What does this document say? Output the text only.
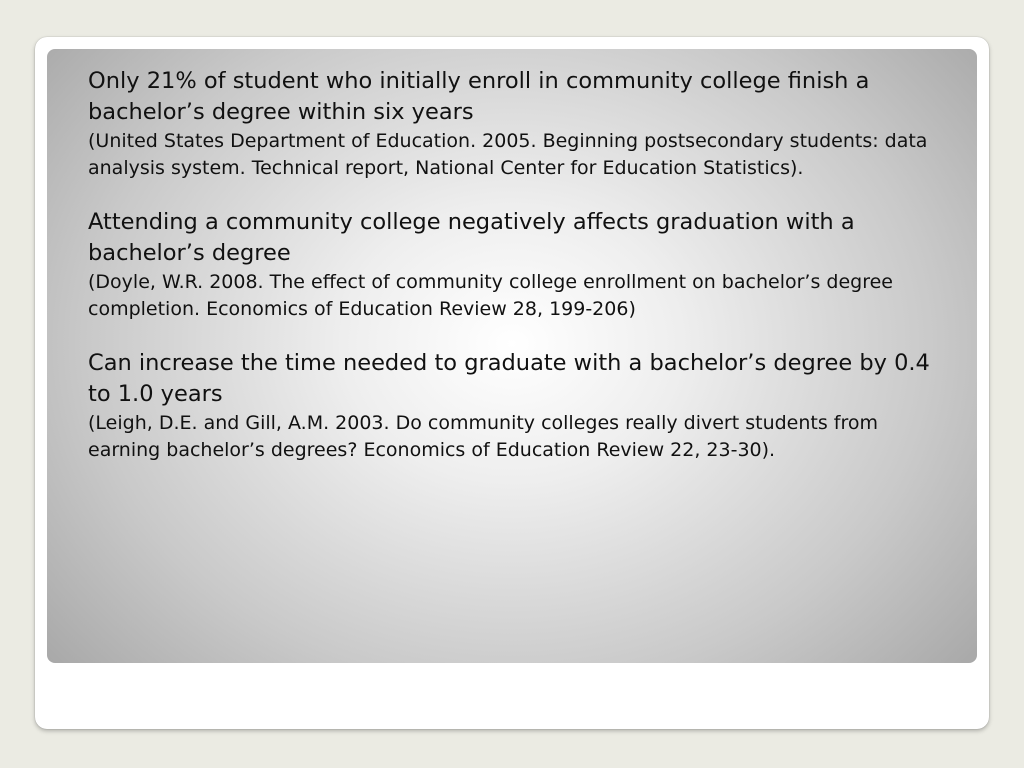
Only 21% of student who initially enroll in community college finish a bachelor’s degree within six years

(United States Department of Education. 2005. Beginning postsecondary students: data analysis system. Technical report, National Center for Education Statistics).

Attending a community college negatively affects graduation with a bachelor’s degree

(Doyle, W.R. 2008. The effect of community college enrollment on bachelor’s degree completion. Economics of Education Review 28, 199-206)

Can increase the time needed to graduate with a bachelor’s degree by 0.4 to 1.0 years

(Leigh, D.E. and Gill, A.M. 2003. Do community colleges really divert students from earning bachelor’s degrees? Economics of Education Review 22, 23-30).
